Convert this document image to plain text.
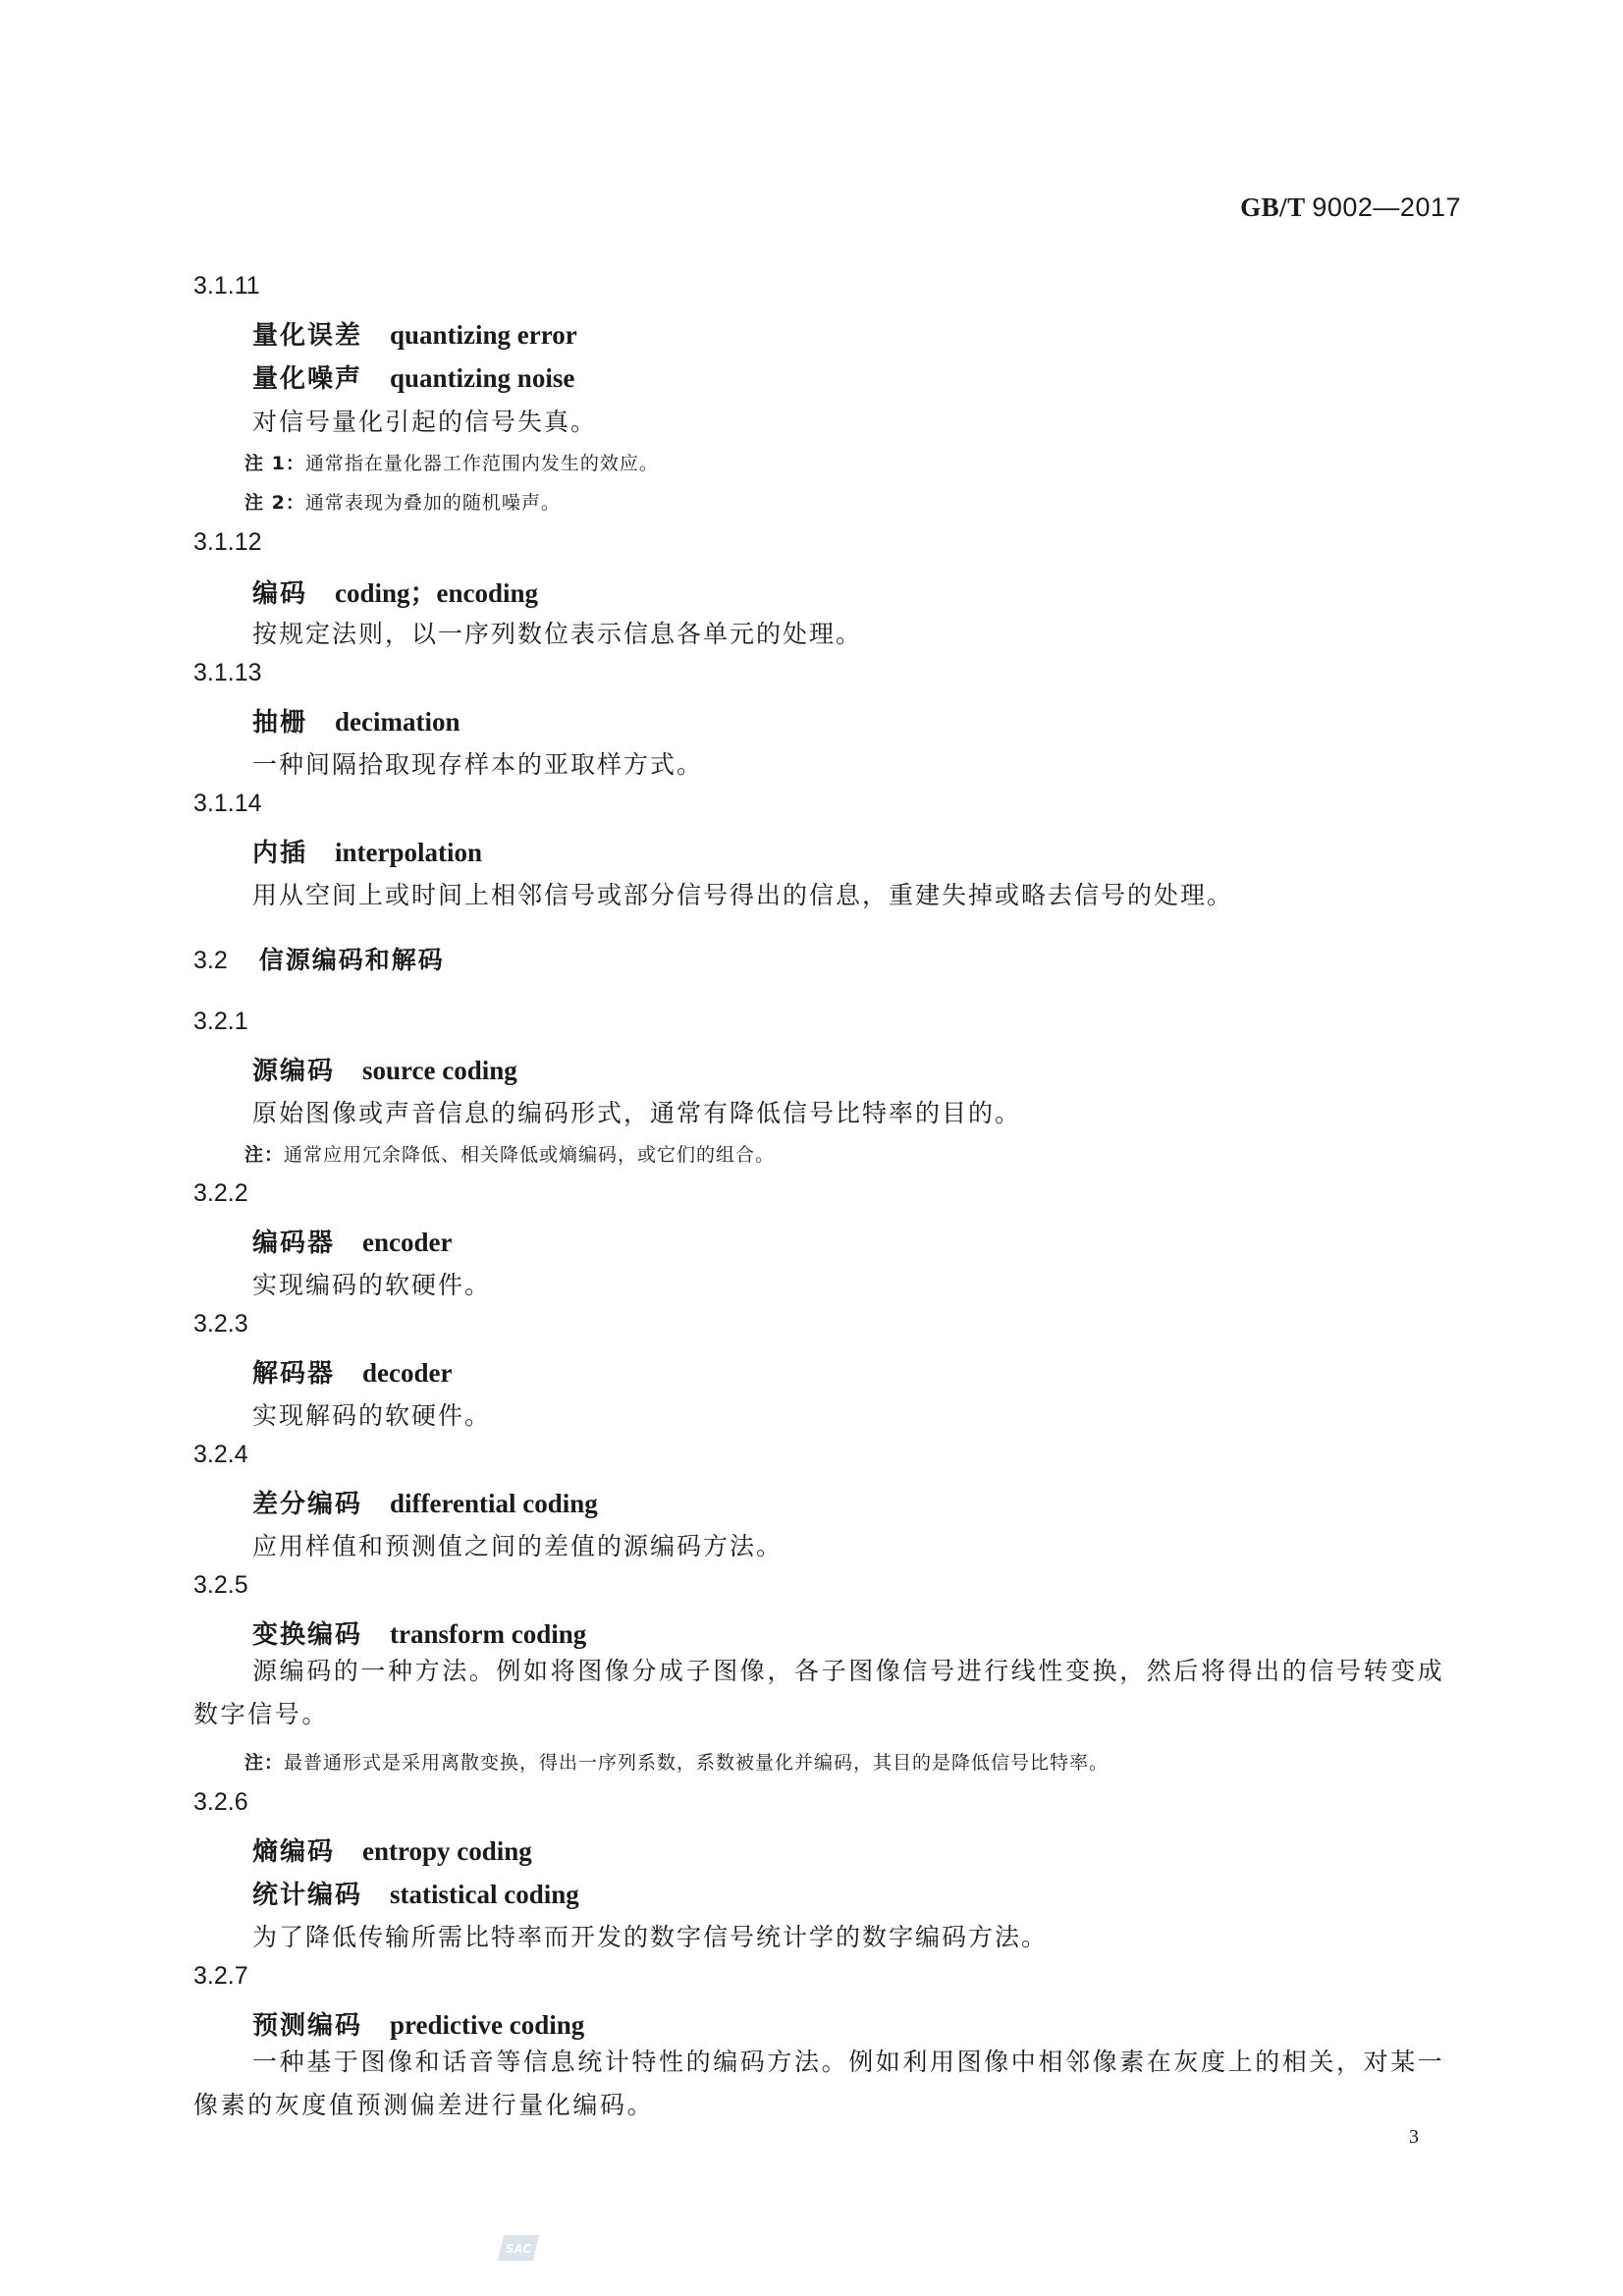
GB/T 9002—2017
3.1.11
量化误差 quantizing error
量化噪声 quantizing noise
对信号量化引起的信号失真。
注 1：通常指在量化器工作范围内发生的效应。
注 2：通常表现为叠加的随机噪声。
3.1.12
编码 coding；encoding
按规定法则，以一序列数位表示信息各单元的处理。
3.1.13
抽栅 decimation
一种间隔拾取现存样本的亚取样方式。
3.1.14
内插 interpolation
用从空间上或时间上相邻信号或部分信号得出的信息，重建失掉或略去信号的处理。
3.2 信源编码和解码
3.2.1
源编码 source coding
原始图像或声音信息的编码形式，通常有降低信号比特率的目的。
注：通常应用冗余降低、相关降低或熵编码，或它们的组合。
3.2.2
编码器 encoder
实现编码的软硬件。
3.2.3
解码器 decoder
实现解码的软硬件。
3.2.4
差分编码 differential coding
应用样值和预测值之间的差值的源编码方法。
3.2.5
变换编码 transform coding
源编码的一种方法。例如将图像分成子图像，各子图像信号进行线性变换，然后将得出的信号转变成数字信号。
注：最普通形式是采用离散变换，得出一序列系数，系数被量化并编码，其目的是降低信号比特率。
3.2.6
熵编码 entropy coding
统计编码 statistical coding
为了降低传输所需比特率而开发的数字信号统计学的数字编码方法。
3.2.7
预测编码 predictive coding
一种基于图像和话音等信息统计特性的编码方法。例如利用图像中相邻像素在灰度上的相关，对某一像素的灰度值预测偏差进行量化编码。
3
SAC
